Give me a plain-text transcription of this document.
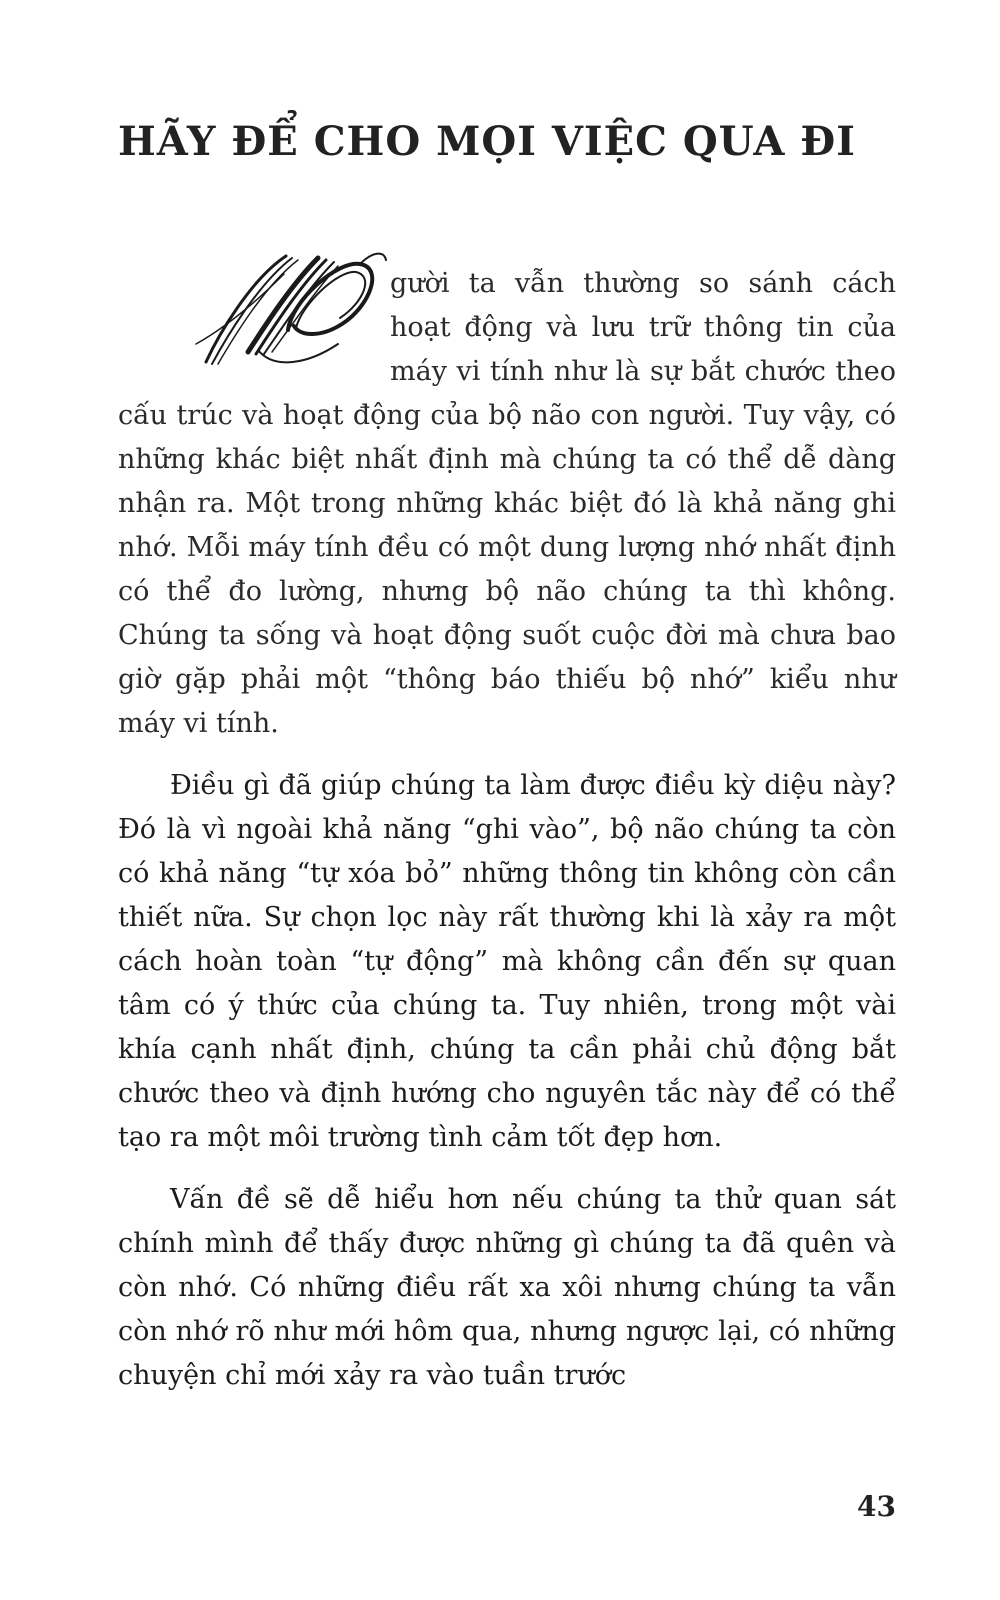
HÃY ĐỂ CHO MỌI VIỆC QUA ĐI

gười ta vẫn thường so sánh cách hoạt động và lưu trữ thông tin của máy vi tính như là sự bắt chước theo cấu trúc và hoạt động của bộ não con người. Tuy vậy, có những khác biệt nhất định mà chúng ta có thể dễ dàng nhận ra. Một trong những khác biệt đó là khả năng ghi nhớ. Mỗi máy tính đều có một dung lượng nhớ nhất định có thể đo lường, nhưng bộ não chúng ta thì không. Chúng ta sống và hoạt động suốt cuộc đời mà chưa bao giờ gặp phải một “thông báo thiếu bộ nhớ” kiểu như máy vi tính.

Điều gì đã giúp chúng ta làm được điều kỳ diệu này? Đó là vì ngoài khả năng “ghi vào”, bộ não chúng ta còn có khả năng “tự xóa bỏ” những thông tin không còn cần thiết nữa. Sự chọn lọc này rất thường khi là xảy ra một cách hoàn toàn “tự động” mà không cần đến sự quan tâm có ý thức của chúng ta. Tuy nhiên, trong một vài khía cạnh nhất định, chúng ta cần phải chủ động bắt chước theo và định hướng cho nguyên tắc này để có thể tạo ra một môi trường tình cảm tốt đẹp hơn.

Vấn đề sẽ dễ hiểu hơn nếu chúng ta thử quan sát chính mình để thấy được những gì chúng ta đã quên và còn nhớ. Có những điều rất xa xôi nhưng chúng ta vẫn còn nhớ rõ như mới hôm qua, nhưng ngược lại, có những chuyện chỉ mới xảy ra vào tuần trước

43
